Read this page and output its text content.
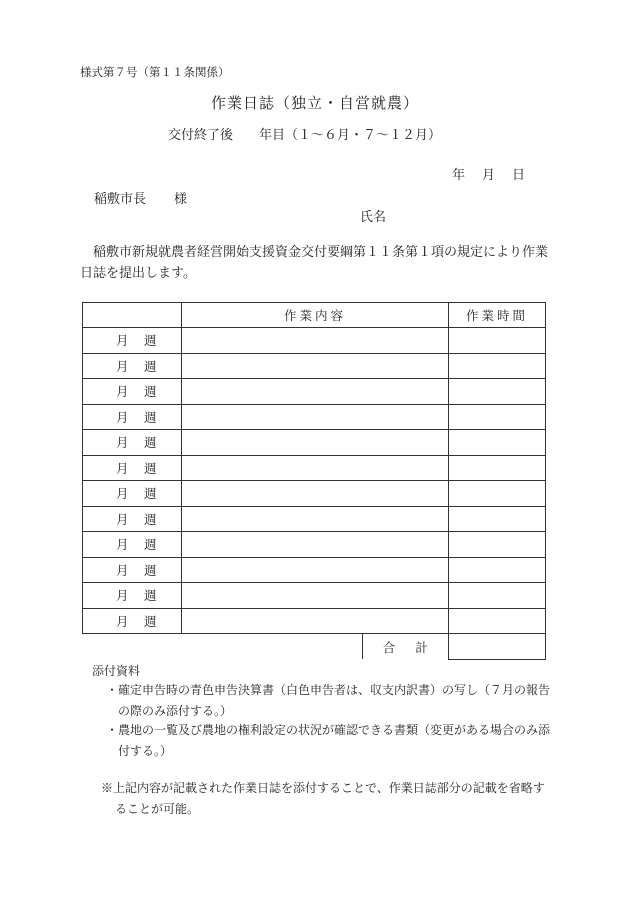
様式第７号（第１１条関係）
作業日誌（独立・自営就農）
交付終了後 年目（１～６月・７～１２月）
年 月 日
稲敷市長 様
氏名
稲敷市新規就農者経営開始支援資金交付要綱第１１条第１項の規定により作業日誌を提出します。
	作業内容	作業時間
月 週		
月 週		
月 週		
月 週		
月 週		
月 週		
月 週		
月 週		
月 週		
月 週		
月 週		
月 週		

	合 計

添付資料
・確定申告時の青色申告決算書（白色申告者は、収支内訳書）の写し（７月の報告の際のみ添付する。）
・農地の一覧及び農地の権利設定の状況が確認できる書類（変更がある場合のみ添付する。）
※上記内容が記載された作業日誌を添付することで、作業日誌部分の記載を省略することが可能。
